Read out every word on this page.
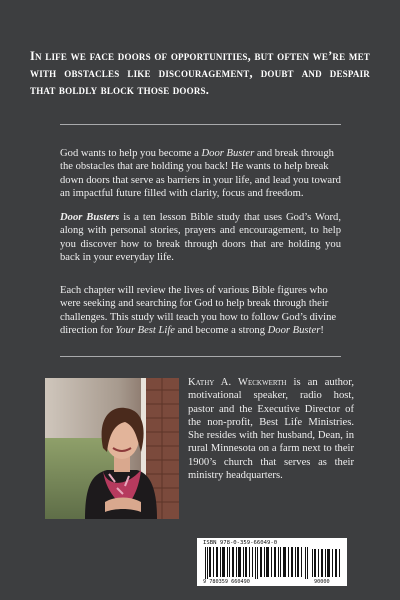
In life we face doors of opportunities, but often we’re met with obstacles like discouragement, doubt and despair that boldly block those doors.

God wants to help you become a Door Buster and break through the obstacles that are holding you back! He wants to help break down doors that serve as barriers in your life, and lead you toward an impactful future filled with clarity, focus and freedom.

Door Busters is a ten lesson Bible study that uses God’s Word, along with personal stories, prayers and encouragement, to help you discover how to break through doors that are holding you back in your everyday life.

Each chapter will review the lives of various Bible figures who were seeking and searching for God to help break through their challenges. This study will teach you how to follow God’s divine direction for Your Best Life and become a strong Door Buster!

Kathy A. Weckwerth is an author, motivational speaker, radio host, pastor and the Executive Director of the non-profit, Best Life Ministries. She resides with her husband, Dean, in rural Minnesota on a farm next to their 1900’s church that serves as their ministry headquarters.
ISBN 978-0-359-66049-0
9 780359 660490	90000
